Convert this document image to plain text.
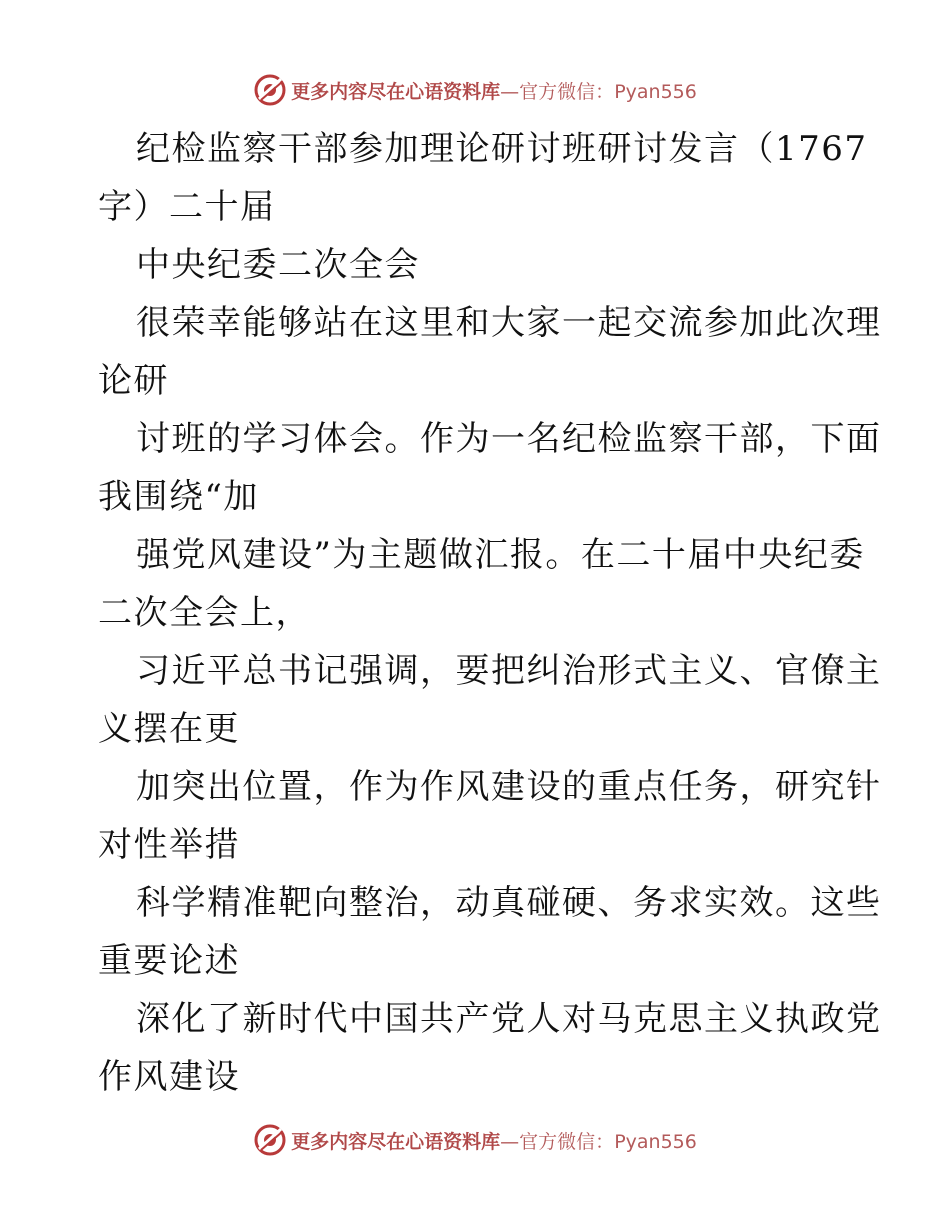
更多内容尽在心语资料库—官方微信：Pyan556
纪检监察干部参加理论研讨班研讨发言（1767
字）二十届
中央纪委二次全会
很荣幸能够站在这里和大家一起交流参加此次理
论研
讨班的学习体会。作为一名纪检监察干部，下面
我围绕“加
强党风建设”为主题做汇报。在二十届中央纪委
二次全会上，
习近平总书记强调，要把纠治形式主义、官僚主
义摆在更
加突出位置，作为作风建设的重点任务，研究针
对性举措
科学精准靶向整治，动真碰硬、务求实效。这些
重要论述
深化了新时代中国共产党人对马克思主义执政党
作风建设
更多内容尽在心语资料库—官方微信：Pyan556
